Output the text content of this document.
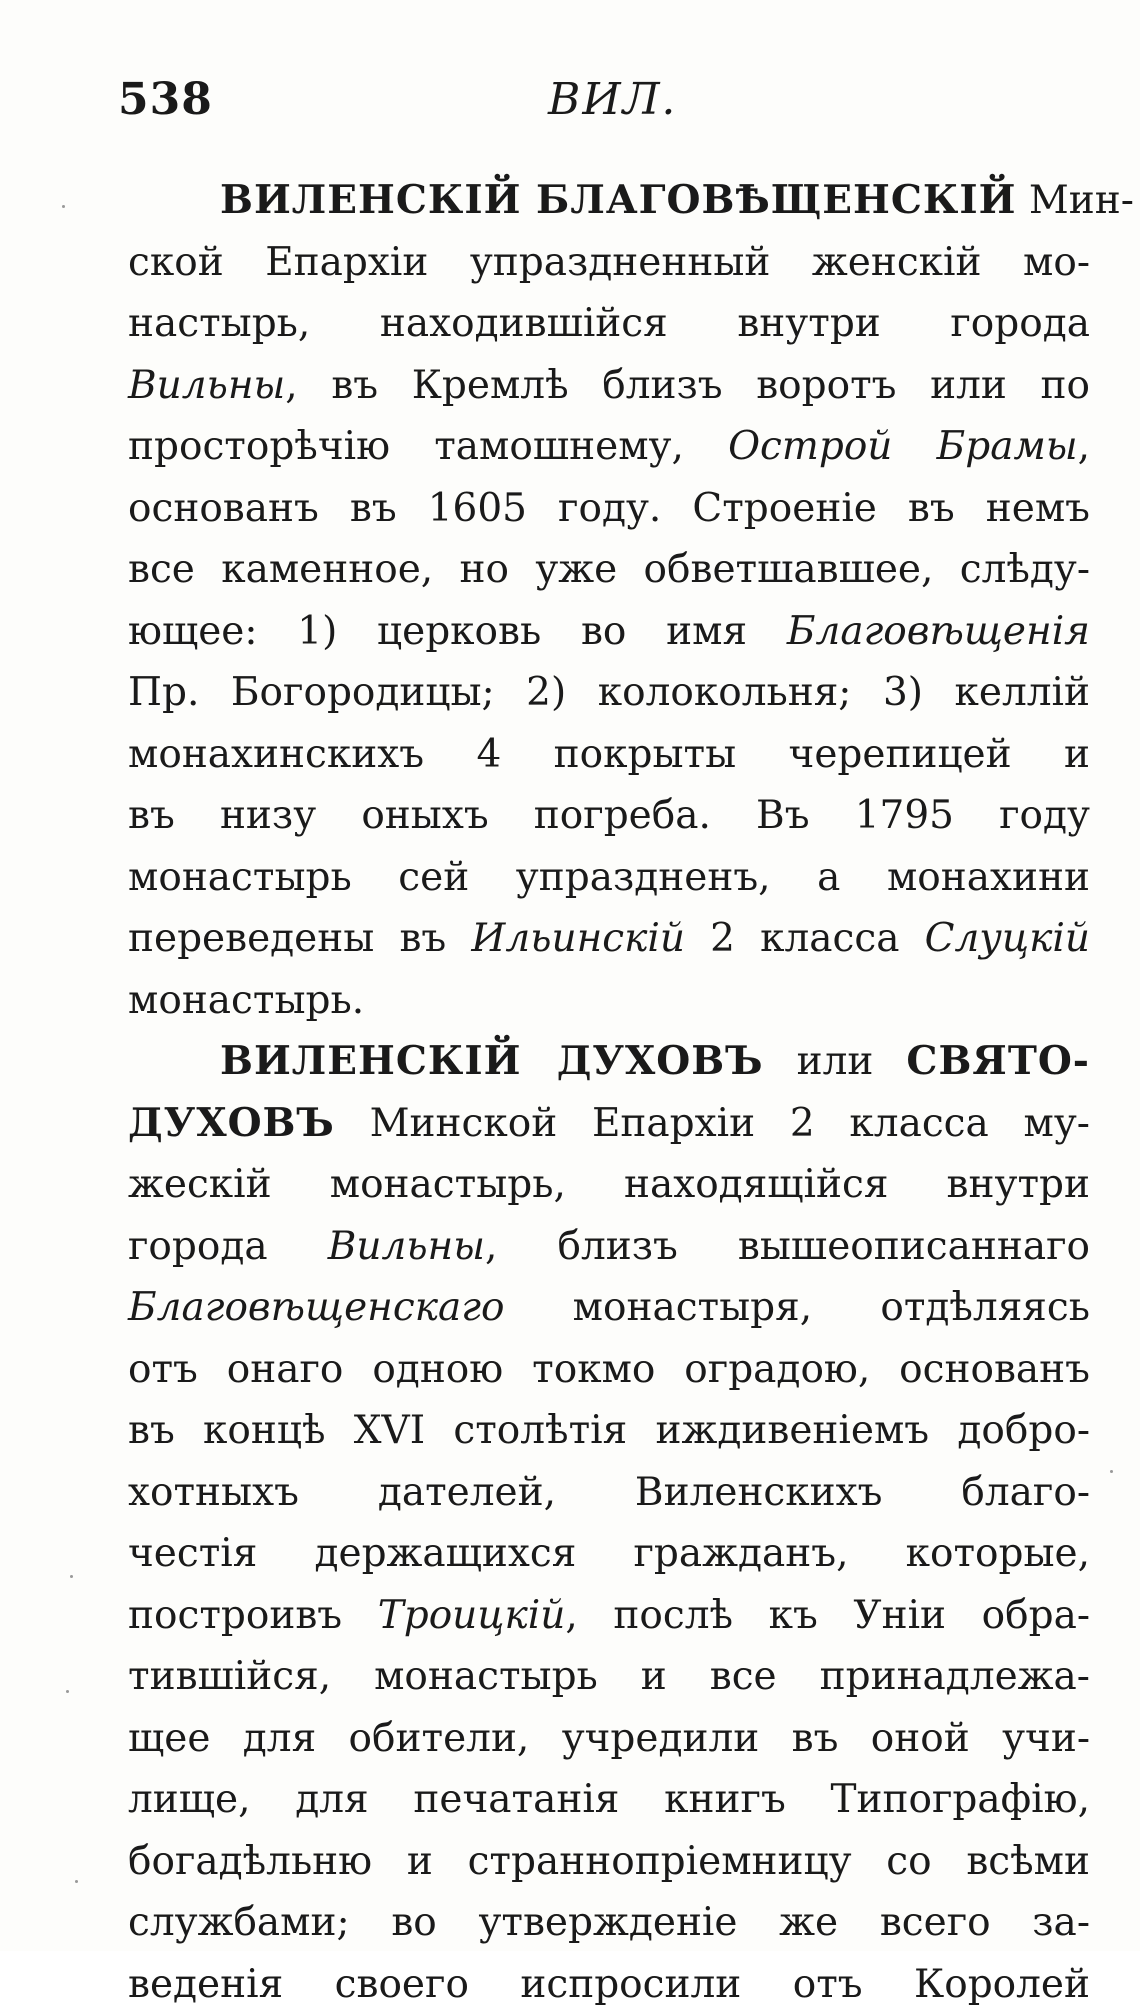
538	ВИЛ.
ВИЛЕНСКІЙ БЛАГОВѢЩЕНСКІЙ Мин-
ской Епархіи упраздненный женскій мо-
настырь, находившійся внутри города
Вильны, въ Кремлѣ близъ воротъ или по
просторѣчію тамошнему, Острой Брамы,
основанъ въ 1605 году. Строеніе въ немъ
все каменное, но уже обветшавшее, слѣду-
ющее: 1) церковь во имя Благовѣщенія
Пр. Богородицы; 2) колокольня; 3) келлій
монахинскихъ 4 покрыты черепицей и
въ низу оныхъ погреба. Въ 1795 году
монастырь сей упраздненъ, а монахини
переведены въ Ильинскій 2 класса Слуцкій
монастырь.
ВИЛЕНСКІЙ ДУХОВЪ или СВЯТО-
ДУХОВЪ Минской Епархіи 2 класса му-
жескій монастырь, находящійся внутри
города Вильны, близъ вышеописаннаго
Благовѣщенскаго монастыря, отдѣляясь
отъ онаго одною токмо оградою, основанъ
въ концѣ XVI столѣтія иждивеніемъ добро-
хотныхъ дателей, Виленскихъ благо-
честія держащихся гражданъ, которые,
построивъ Троицкій, послѣ къ Уніи обра-
тившійся, монастырь и все принадлежа-
щее для обители, учредили въ оной учи-
лище, для печатанія книгъ Типографію,
богадѣльню и страннопріемницу со всѣми
службами; во утвержденіе же всего за-
веденія своего испросили отъ Королей
